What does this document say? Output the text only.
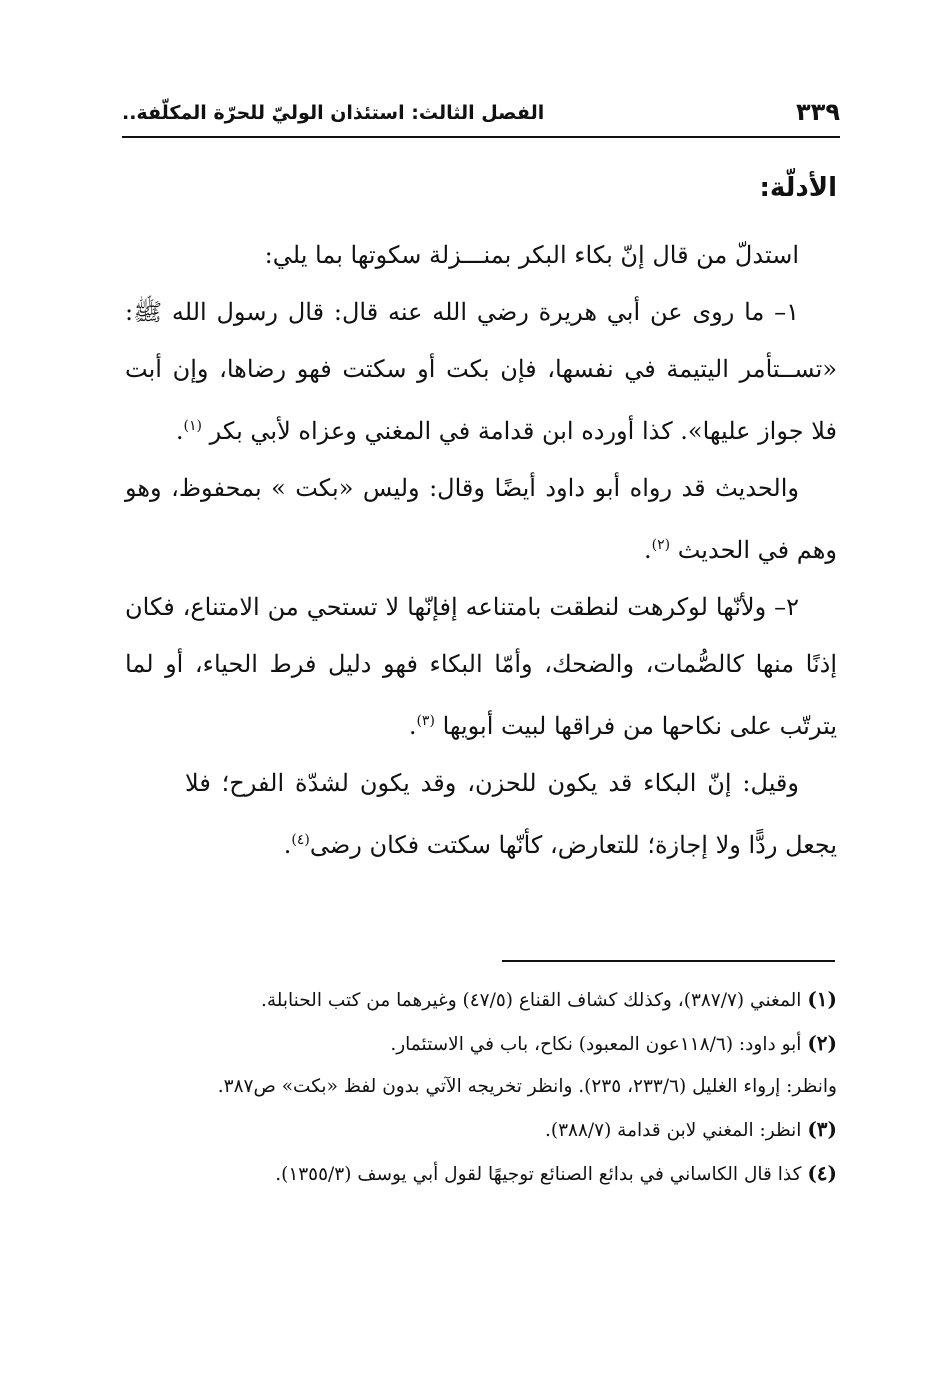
٣٣٩
الفصل الثالث: استئذان الوليّ للحرّة المكلّفة..
الأدلّة:

استدلّ من قال إنّ بكاء البكر بمنـــزلة سكوتها بما يلي:

١– ما روى عن أبي هريرة رضي الله عنه قال: قال رسول الله ﷺ: «تســتأمر اليتيمة في نفسها، فإن بكت أو سكتت فهو رضاها، وإن أبت فلا جواز عليها». كذا أورده ابن قدامة في المغني وعزاه لأبي بكر $^{(١)}$.

والحديث قد رواه أبو داود أيضًا وقال: وليس «بكت » بمحفوظ، وهو وهم في الحديث $^{(٢)}$.

٢– ولأنّها لوكرهت لنطقت بامتناعه إفإنّها لا تستحي من الامتناع، فكان إذنًا منها كالصُّمات، والضحك، وأمّا البكاء فهو دليل فرط الحياء، أو لما يترتّب على نكاحها من فراقها لبيت أبويها $^{(٣)}$.

وقيل: إنّ البكاء قد يكون للحزن، وقد يكون لشدّة الفرح؛ فلا يجعل ردًّا ولا إجازة؛ للتعارض، كأنّها سكتت فكان رضى$^{(٤)}$.

(١) المغني (٣٨٧/٧)، وكذلك كشاف القناع (٤٧/٥) وغيرهما من كتب الحنابلة.

(٢) أبو داود: (١١٨/٦عون المعبود) نكاح، باب في الاستئمار.

وانظر: إرواء الغليل (٢٣٣/٦، ٢٣٥). وانظر تخريجه الآتي بدون لفظ «بكت» ص٣٨٧.

(٣) انظر: المغني لابن قدامة (٣٨٨/٧).

(٤) كذا قال الكاساني في بدائع الصنائع توجيهًا لقول أبي يوسف (١٣٥٥/٣).
